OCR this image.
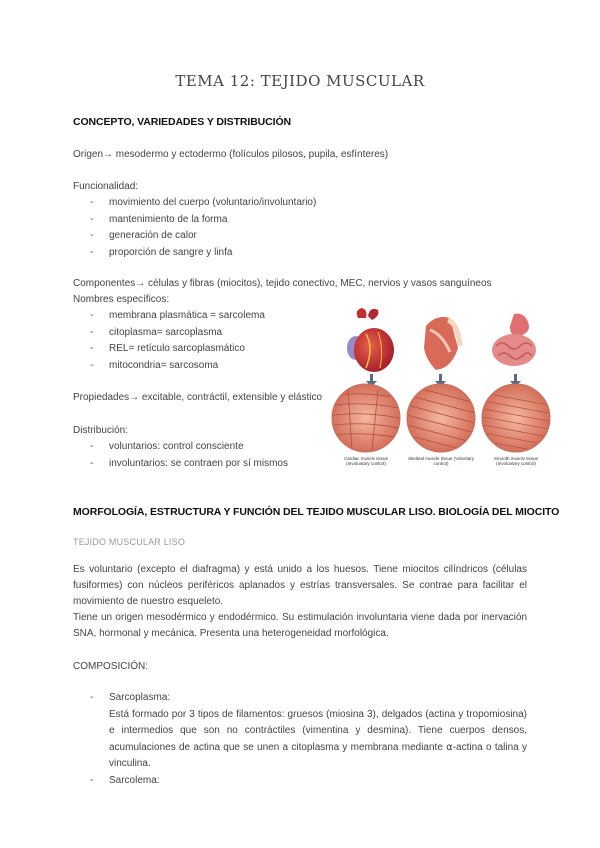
TEMA 12: TEJIDO MUSCULAR
CONCEPTO, VARIEDADES Y DISTRIBUCIÓN
Origen→ mesodermo y ectodermo (folículos pilosos, pupila, esfínteres)
Funcionalidad:
- movimiento del cuerpo (voluntario/involuntario)
- mantenimiento de la forma
- generación de calor
- proporción de sangre y linfa
Componentes→ células y fibras (miocitos), tejido conectivo, MEC, nervios y vasos sanguíneos
Nombres específicos:
- membrana plasmática = sarcolema
- citoplasma= sarcoplasma
- REL= retículo sarcoplasmático
- mitocondria= sarcosoma
Propiedades→ excitable, contráctil, extensible y elástico
Distribución:
- voluntarios: control consciente
- involuntarios: se contraen por sí mismos	Cardiac muscle tissue (Involuntary control)
Skeletal muscle tissue (Voluntary control)
Smooth muscle tissue (Involuntary control)
MORFOLOGÍA, ESTRUCTURA Y FUNCIÓN DEL TEJIDO MUSCULAR LISO. BIOLOGÍA DEL MIOCITO
TEJIDO MUSCULAR LISO
Es voluntario (excepto el diafragma) y está unido a los huesos. Tiene miocitos cilíndricos (células fusiformes) con núcleos periféricos aplanados y estrías transversales. Se contrae para facilitar el movimiento de nuestro esqueleto.
Tiene un origen mesodérmico y endodérmico. Su estimulación involuntaria viene dada por inervación SNA, hormonal y mecánica. Presenta una heterogeneidad morfológica.
COMPOSICIÓN:
- Sarcoplasma:
Está formado por 3 tipos de filamentos: gruesos (miosina 3), delgados (actina y tropomiosina) e intermedios que son no contráctiles (vimentina y desmina). Tiene cuerpos densos, acumulaciones de actina que se unen a citoplasma y membrana mediante ⍺-actina o talina y vinculina.
- Sarcolema:
